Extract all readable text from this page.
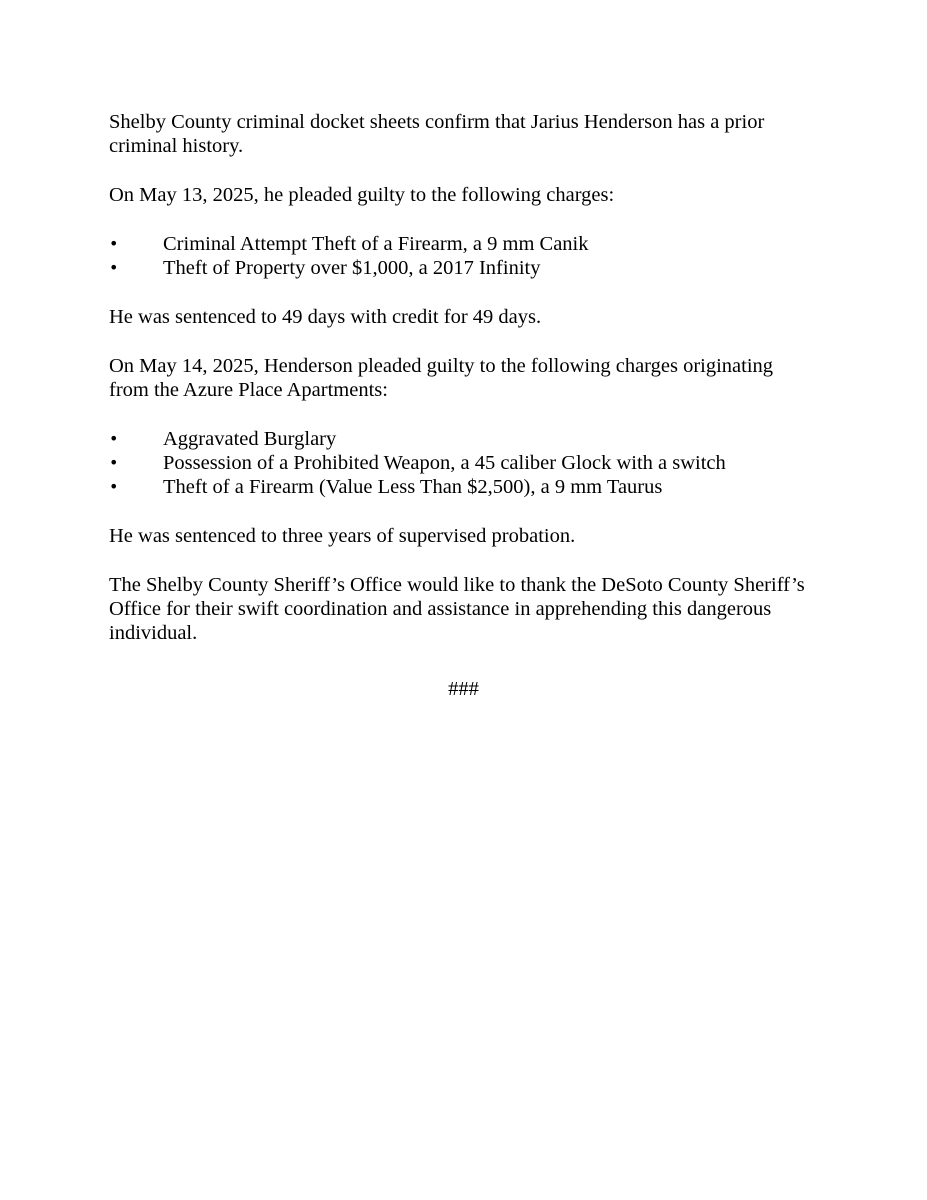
Shelby County criminal docket sheets confirm that Jarius Henderson has a prior criminal history.

On May 13, 2025, he pleaded guilty to the following charges:

• Criminal Attempt Theft of a Firearm, a 9 mm Canik
• Theft of Property over $1,000, a 2017 Infinity

He was sentenced to 49 days with credit for 49 days.

On May 14, 2025, Henderson pleaded guilty to the following charges originating from the Azure Place Apartments:

• Aggravated Burglary
• Possession of a Prohibited Weapon, a 45 caliber Glock with a switch
• Theft of a Firearm (Value Less Than $2,500), a 9 mm Taurus

He was sentenced to three years of supervised probation.

The Shelby County Sheriff’s Office would like to thank the DeSoto County Sheriff’s Office for their swift coordination and assistance in apprehending this dangerous individual.

###
